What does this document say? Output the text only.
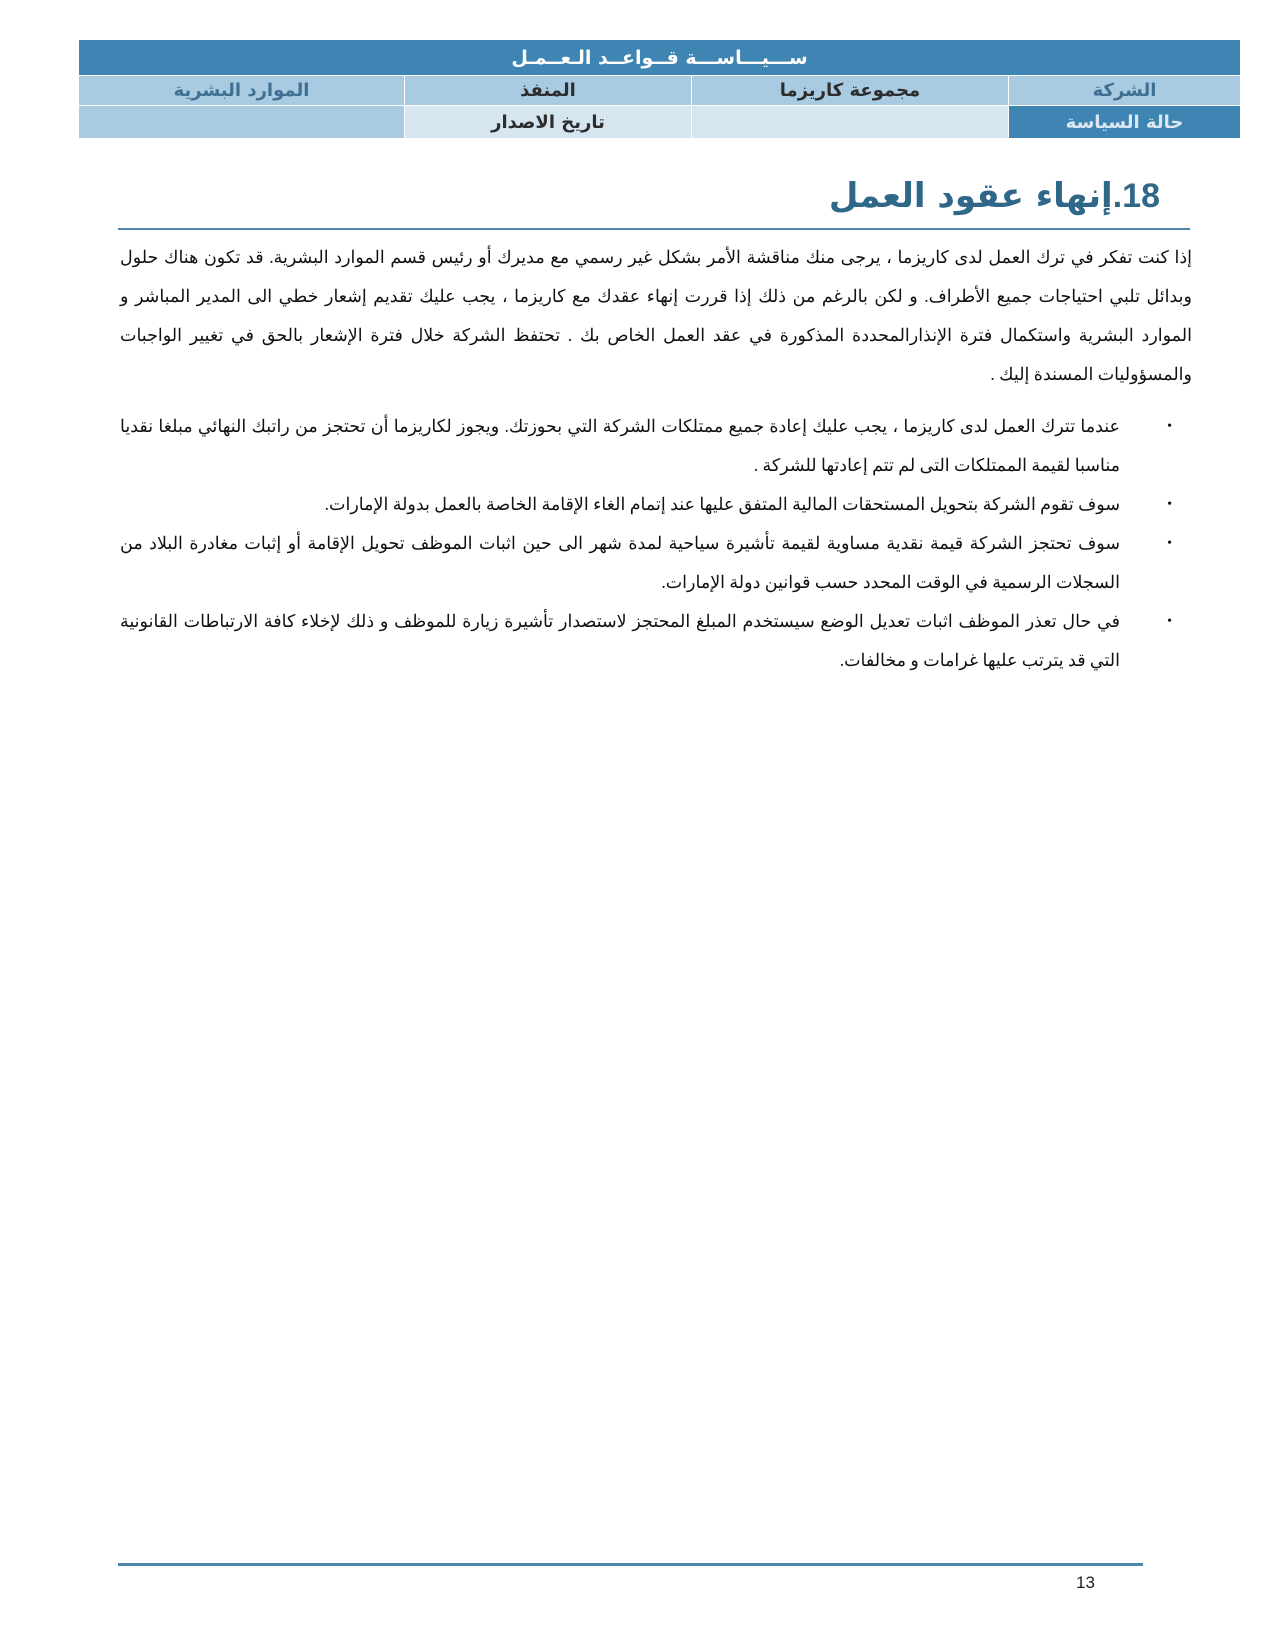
ســـيـــاســـة قــواعــد الـعــمـل			
الشركة	مجموعة كاريزما	المنفذ	الموارد البشرية
حالة السياسة		تاريخ الاصدار	
18.إنهاء عقود العمل

إذا كنت تفكر في ترك العمل لدى كاريزما ، يرجى منك مناقشة الأمر بشكل غير رسمي مع مديرك أو رئيس قسم الموارد البشرية. قد تكون هناك حلول وبدائل تلبي احتياجات جميع الأطراف. و لكن بالرغم من ذلك إذا قررت إنهاء عقدك مع كاريزما ، يجب عليك تقديم إشعار خطي الى المدير المباشر و الموارد البشرية واستكمال فترة الإنذارالمحددة المذكورة في عقد العمل الخاص بك . تحتفظ الشركة خلال فترة الإشعار بالحق في تغيير الواجبات والمسؤوليات المسندة إليك .

•
عندما تترك العمل لدى كاريزما ، يجب عليك إعادة جميع ممتلكات الشركة التي بحوزتك. ويجوز لكاريزما أن تحتجز من راتبك النهائي مبلغا نقديا مناسبا لقيمة الممتلكات التى لم تتم إعادتها للشركة .
•
سوف تقوم الشركة بتحويل المستحقات المالية المتفق عليها عند إتمام الغاء الإقامة الخاصة بالعمل بدولة الإمارات.
•
سوف تحتجز الشركة قيمة نقدية مساوية لقيمة تأشيرة سياحية لمدة شهر الى حين اثبات الموظف تحويل الإقامة أو إثبات مغادرة البلاد من السجلات الرسمية في الوقت المحدد حسب قوانين دولة الإمارات.
•
في حال تعذر الموظف اثبات تعديل الوضع سيستخدم المبلغ المحتجز لاستصدار تأشيرة زيارة للموظف و ذلك لإخلاء كافة الارتباطات القانونية التي قد يترتب عليها غرامات و مخالفات.
13
